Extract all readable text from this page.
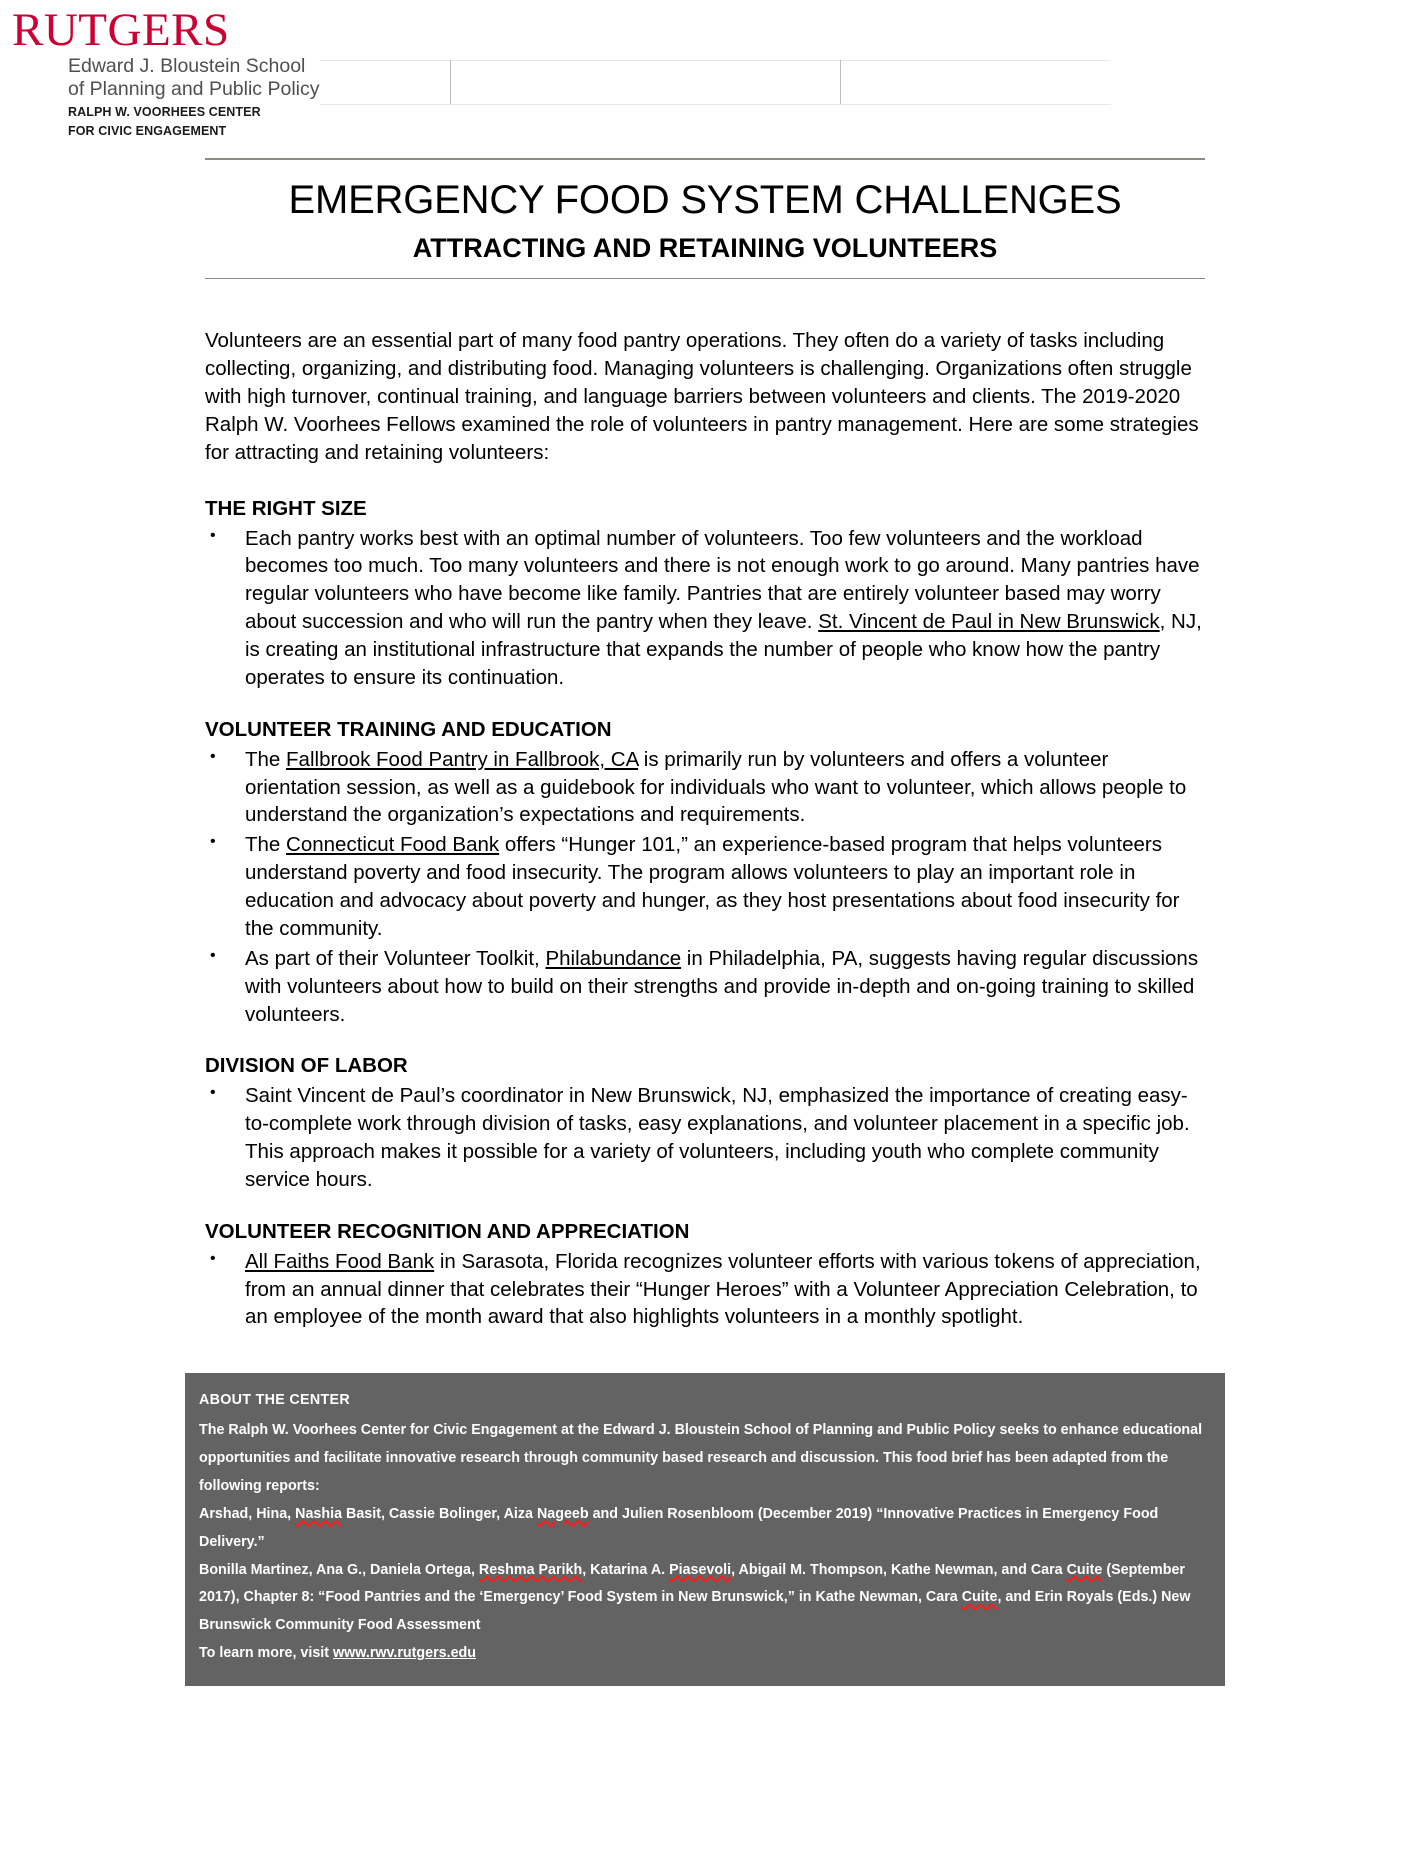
RUTGERS
Edward J. Bloustein School
of Planning and Public Policy
RALPH W. VOORHEES CENTER
FOR CIVIC ENGAGEMENT
EMERGENCY FOOD SYSTEM CHALLENGES
ATTRACTING AND RETAINING VOLUNTEERS

Volunteers are an essential part of many food pantry operations. They often do a variety of tasks including collecting, organizing, and distributing food. Managing volunteers is challenging. Organizations often struggle with high turnover, continual training, and language barriers between volunteers and clients. The 2019-2020 Ralph W. Voorhees Fellows examined the role of volunteers in pantry management. Here are some strategies for attracting and retaining volunteers:

THE RIGHT SIZE
• Each pantry works best with an optimal number of volunteers. Too few volunteers and the workload becomes too much. Too many volunteers and there is not enough work to go around. Many pantries have regular volunteers who have become like family. Pantries that are entirely volunteer based may worry about succession and who will run the pantry when they leave. St. Vincent de Paul in New Brunswick, NJ, is creating an institutional infrastructure that expands the number of people who know how the pantry operates to ensure its continuation.
VOLUNTEER TRAINING AND EDUCATION
• The Fallbrook Food Pantry in Fallbrook, CA is primarily run by volunteers and offers a volunteer orientation session, as well as a guidebook for individuals who want to volunteer, which allows people to understand the organization’s expectations and requirements.
• The Connecticut Food Bank offers “Hunger 101,” an experience-based program that helps volunteers understand poverty and food insecurity. The program allows volunteers to play an important role in education and advocacy about poverty and hunger, as they host presentations about food insecurity for the community.
• As part of their Volunteer Toolkit, Philabundance in Philadelphia, PA, suggests having regular discussions with volunteers about how to build on their strengths and provide in-depth and on-going training to skilled volunteers.
DIVISION OF LABOR
• Saint Vincent de Paul’s coordinator in New Brunswick, NJ, emphasized the importance of creating easy-to-complete work through division of tasks, easy explanations, and volunteer placement in a specific job. This approach makes it possible for a variety of volunteers, including youth who complete community service hours.
VOLUNTEER RECOGNITION AND APPRECIATION
• All Faiths Food Bank in Sarasota, Florida recognizes volunteer efforts with various tokens of appreciation, from an annual dinner that celebrates their “Hunger Heroes” with a Volunteer Appreciation Celebration, to an employee of the month award that also highlights volunteers in a monthly spotlight.
ABOUT THE CENTER

The Ralph W. Voorhees Center for Civic Engagement at the Edward J. Bloustein School of Planning and Public Policy seeks to enhance educational opportunities and facilitate innovative research through community based research and discussion. This food brief has been adapted from the following reports:

Arshad, Hina, Nashia Basit, Cassie Bolinger, Aiza Nageeb and Julien Rosenbloom (December 2019) “Innovative Practices in Emergency Food Delivery.”

Bonilla Martinez, Ana G., Daniela Ortega, Reshma Parikh, Katarina A. Piasevoli, Abigail M. Thompson, Kathe Newman, and Cara Cuite (September 2017), Chapter 8: “Food Pantries and the ‘Emergency’ Food System in New Brunswick,” in Kathe Newman, Cara Cuite, and Erin Royals (Eds.) New Brunswick Community Food Assessment

To learn more, visit www.rwv.rutgers.edu
